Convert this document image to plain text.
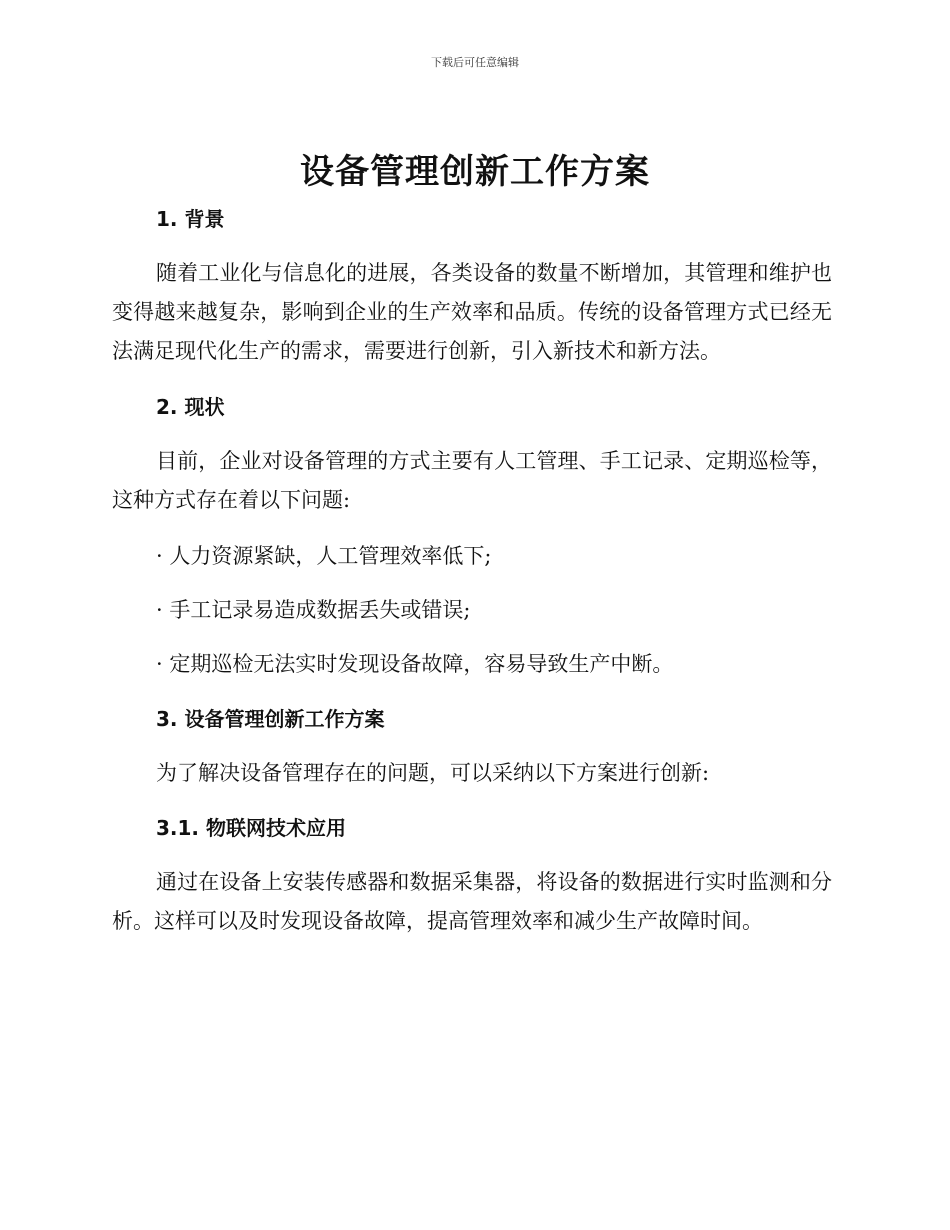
下载后可任意编辑
设备管理创新工作方案
1. 背景

随着工业化与信息化的进展，各类设备的数量不断增加，其管理和维护也变得越来越复杂，影响到企业的生产效率和品质。传统的设备管理方式已经无法满足现代化生产的需求，需要进行创新，引入新技术和新方法。

2. 现状

目前，企业对设备管理的方式主要有人工管理、手工记录、定期巡检等，这种方式存在着以下问题:

· 人力资源紧缺，人工管理效率低下;

· 手工记录易造成数据丢失或错误;

· 定期巡检无法实时发现设备故障，容易导致生产中断。

3. 设备管理创新工作方案

为了解决设备管理存在的问题，可以采纳以下方案进行创新:

3.1. 物联网技术应用

通过在设备上安装传感器和数据采集器，将设备的数据进行实时监测和分析。这样可以及时发现设备故障，提高管理效率和减少生产故障时间。
